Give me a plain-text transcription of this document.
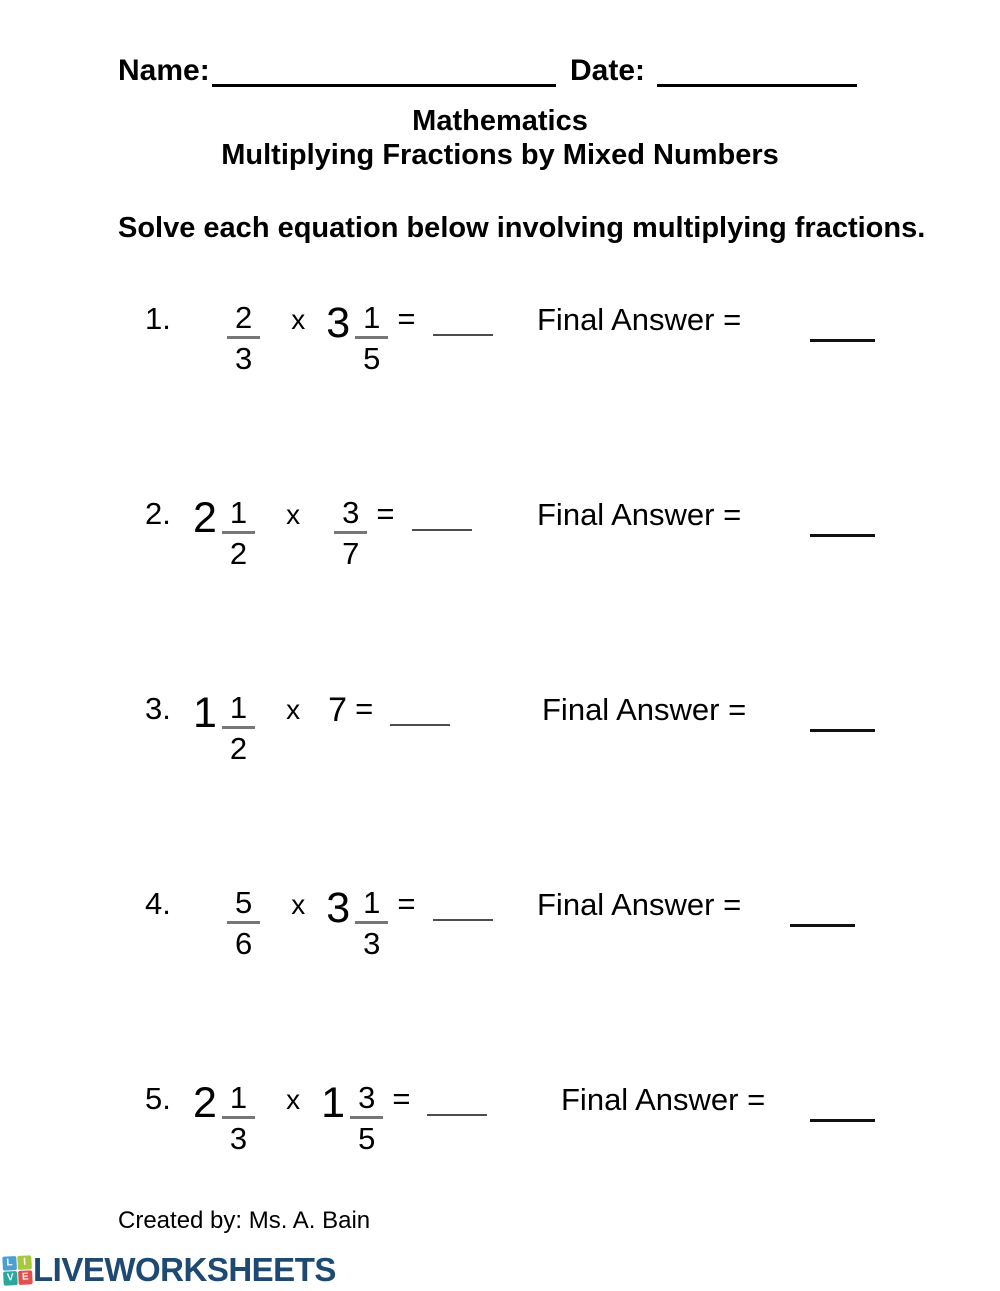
Name:	Date:
Mathematics
Multiplying Fractions by Mixed Numbers
Solve each equation below involving multiplying fractions.
1.	$\frac{2}{3}$ x $3 \frac{1}{5}$ =	Final Answer =
2. $2 \frac{1}{2}$ x $\frac{3}{7}$ =	Final Answer =
3. $1 \frac{1}{2}$ x 7 =	Final Answer =
4.	$\frac{5}{6}$ x $3 \frac{1}{3}$ =	Final Answer =
5. $2 \frac{1}{3}$ x $1 \frac{3}{5}$ =	Final Answer =
Created by: Ms. A. Bain
L I
V E LIVEWORKSHEETS
